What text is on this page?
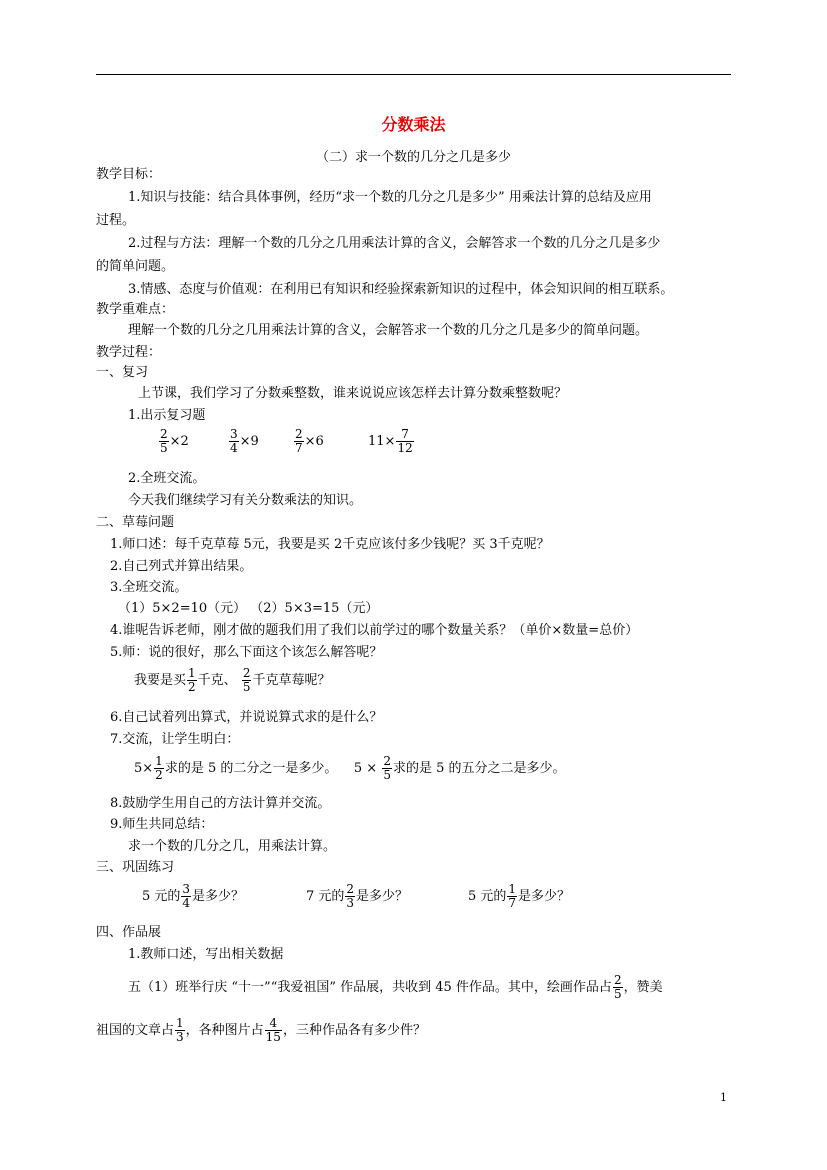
分数乘法
（二）求一个数的几分之几是多少
教学目标：
1.知识与技能：结合具体事例，经历“求一个数的几分之几是多少” 用乘法计算的总结及应用
过程。
2.过程与方法：理解一个数的几分之几用乘法计算的含义，会解答求一个数的几分之几是多少
的简单问题。
3.情感、态度与价值观：在利用已有知识和经验探索新知识的过程中，体会知识间的相互联系。
教学重难点：
理解一个数的几分之几用乘法计算的含义，会解答求一个数的几分之几是多少的简单问题。
教学过程：
一、复习
上节课，我们学习了分数乘整数，谁来说说应该怎样去计算分数乘整数呢？
1.出示复习题
$\frac{2}{5} \times 2$	$\frac{3}{4} \times 9$	$\frac{2}{7} \times 6$	$11\times \frac{7}{12}$
2.全班交流。
今天我们继续学习有关分数乘法的知识。
二、草莓问题
1.师口述：每千克草莓 5元，我要是买 2千克应该付多少钱呢？买 3千克呢？
2.自己列式并算出结果。
3.全班交流。
（1）5×2=10（元） （2）5×3=15（元）
4.谁呢告诉老师，刚才做的题我们用了我们以前学过的哪个数量关系？（单价×数量=总价）
5.师：说的很好，那么下面这个该怎么解答呢？
我要是买 $\frac{1}{2}$ 千克、 $\frac{2}{5}$ 千克草莓呢？
6.自己试着列出算式，并说说算式求的是什么？
7.交流，让学生明白：
$5\times \frac{1}{2}$ 求的是 5 的二分之一是多少。 $5 \times \frac{2}{5}$ 求的是 5 的五分之二是多少。
8.鼓励学生用自己的方法计算并交流。
9.师生共同总结：
求一个数的几分之几，用乘法计算。
三、巩固练习
5 元的 $\frac{3}{4}$ 是多少？	7 元的 $\frac{2}{3}$ 是多少？	5 元的 $\frac{1}{7}$ 是多少？
四、作品展
1.教师口述，写出相关数据
五（1）班举行庆 “十一”“我爱祖国” 作品展，共收到 45 件作品。其中，绘画作品占 $\frac{2}{5}$ ，赞美
祖国的文章占 $\frac{1}{3}$ ，各种图片占 $\frac{4}{15}$ ，三种作品各有多少件？
1
